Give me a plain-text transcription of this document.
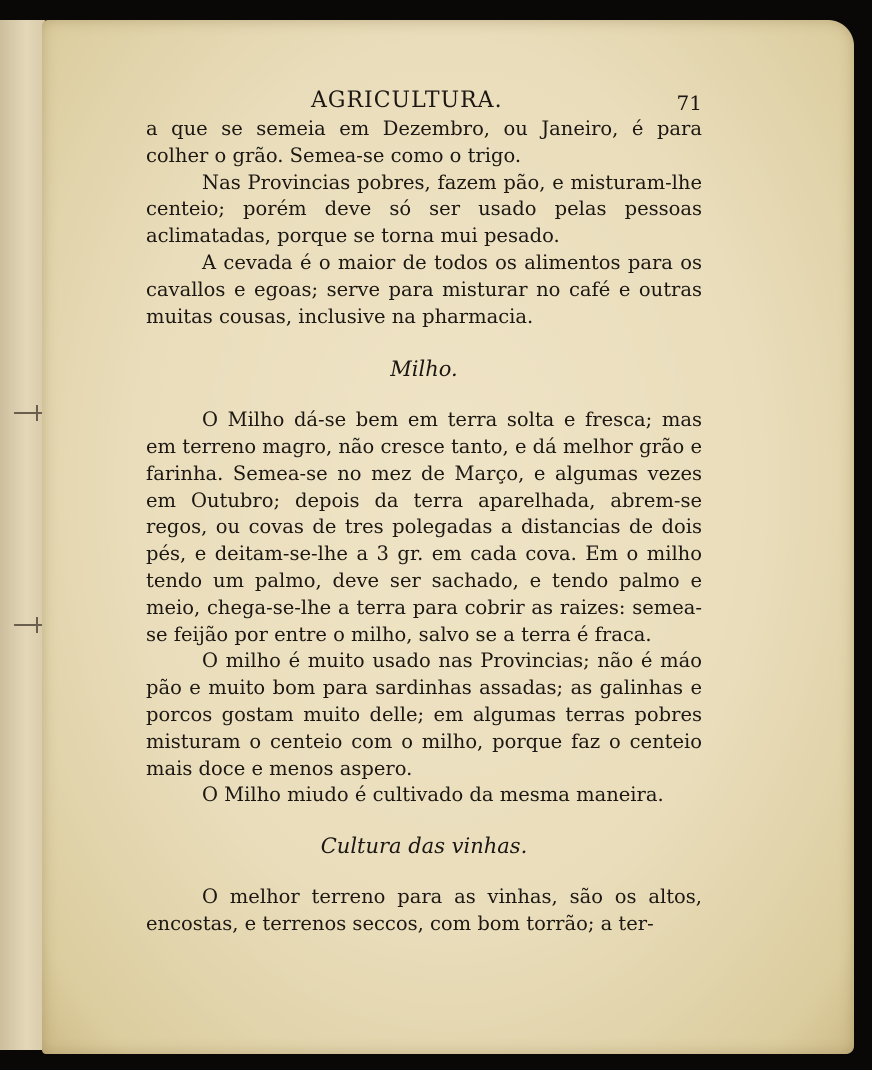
AGRICULTURA.	71

a que se semeia em Dezembro, ou Janeiro, é para colher o grão. Semea-se como o trigo.

Nas Provincias pobres, fazem pão, e misturam-lhe centeio; porém deve só ser usado pelas pessoas aclimatadas, porque se torna mui pesado.

A cevada é o maior de todos os alimentos para os cavallos e egoas; serve para misturar no café e outras muitas cousas, inclusive na pharmacia.

Milho.

O Milho dá-se bem em terra solta e fresca; mas em terreno magro, não cresce tanto, e dá melhor grão e farinha. Semea-se no mez de Março, e algumas vezes em Outubro; depois da terra aparelhada, abrem-se regos, ou covas de tres polegadas a distancias de dois pés, e deitam-se-lhe a 3 gr. em cada cova. Em o milho tendo um palmo, deve ser sachado, e tendo palmo e meio, chega-se-lhe a terra para cobrir as raizes: semea-se feijão por entre o milho, salvo se a terra é fraca.

O milho é muito usado nas Provincias; não é máo pão e muito bom para sardinhas assadas; as galinhas e porcos gostam muito delle; em algumas terras pobres misturam o centeio com o milho, porque faz o centeio mais doce e menos aspero.

O Milho miudo é cultivado da mesma maneira.

Cultura das vinhas.

O melhor terreno para as vinhas, são os altos, encostas, e terrenos seccos, com bom torrão; a ter-
